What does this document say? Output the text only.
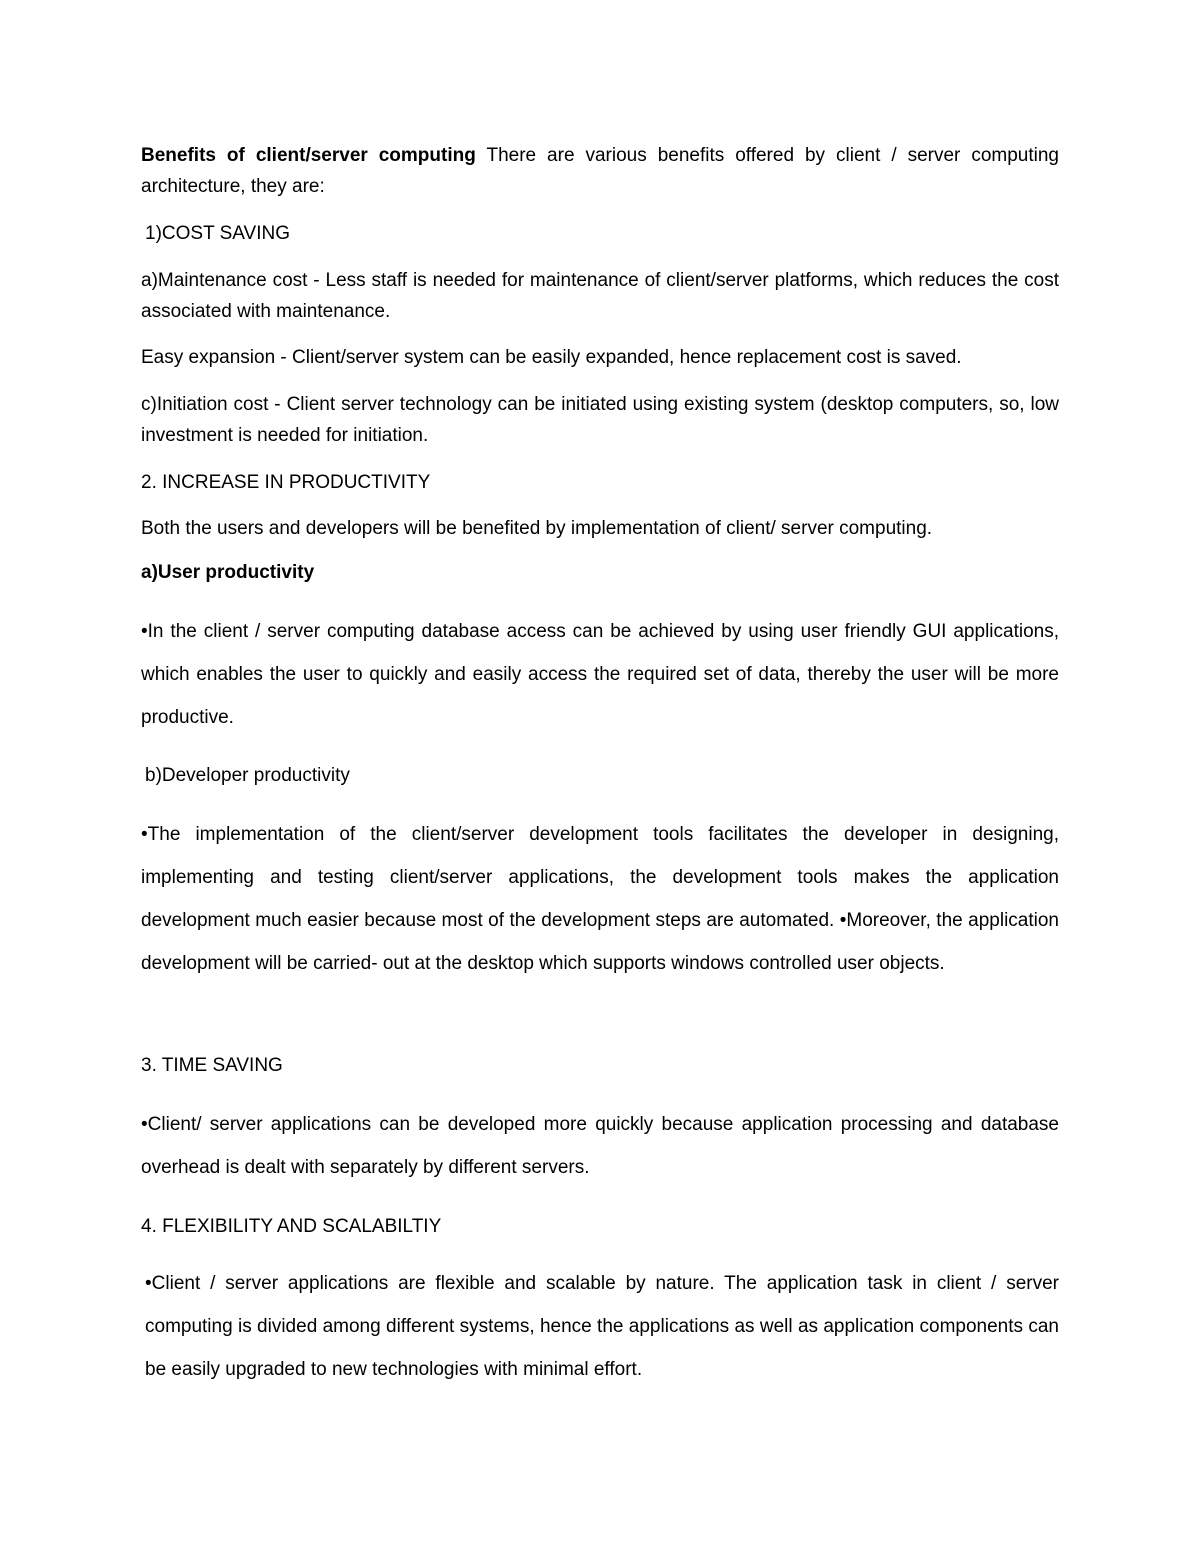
Benefits of client/server computing There are various benefits offered by client / server computing architecture, they are:

1)COST SAVING

a)Maintenance cost - Less staff is needed for maintenance of client/server platforms, which reduces the cost associated with maintenance.

Easy expansion - Client/server system can be easily expanded, hence replacement cost is saved.

c)Initiation cost - Client server technology can be initiated using existing system (desktop computers, so, low investment is needed for initiation.

2. INCREASE IN PRODUCTIVITY

Both the users and developers will be benefited by implementation of client/ server computing.

a)User productivity

•In the client / server computing database access can be achieved by using user friendly GUI applications, which enables the user to quickly and easily access the required set of data, thereby the user will be more productive.

b)Developer productivity

•The implementation of the client/server development tools facilitates the developer in designing, implementing and testing client/server applications, the development tools makes the application development much easier because most of the development steps are automated. •Moreover, the application development will be carried- out at the desktop which supports windows controlled user objects.

3. TIME SAVING

•Client/ server applications can be developed more quickly because application processing and database overhead is dealt with separately by different servers.

4. FLEXIBILITY AND SCALABILTIY

•Client / server applications are flexible and scalable by nature. The application task in client / server computing is divided among different systems, hence the applications as well as application components can be easily upgraded to new technologies with minimal effort.
